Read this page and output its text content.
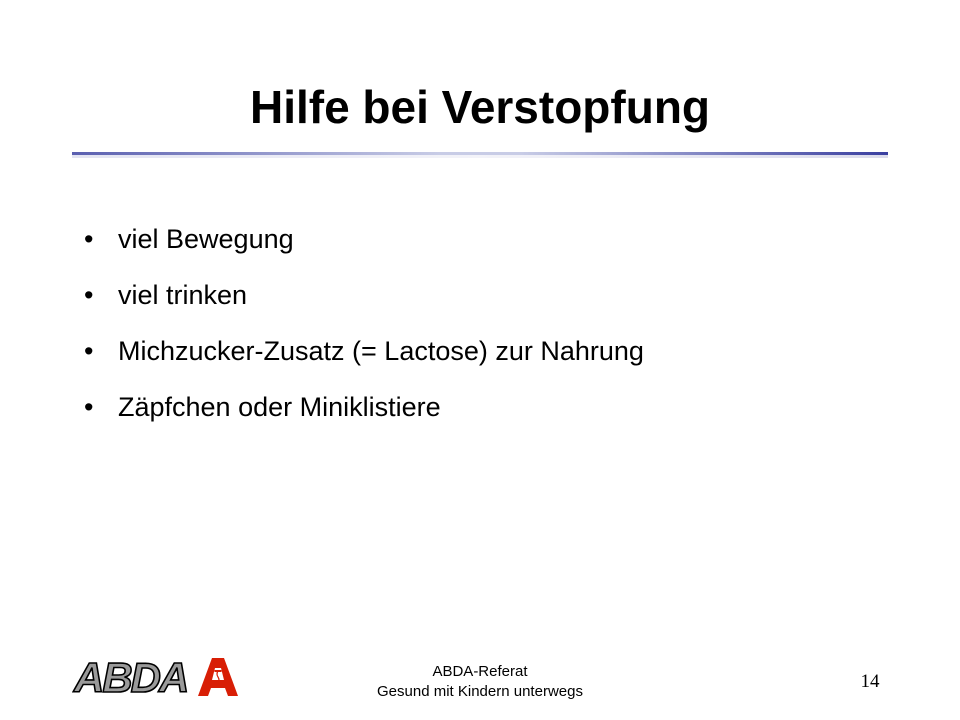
Hilfe bei Verstopfung
• viel Bewegung
• viel trinken
• Michzucker-Zusatz (= Lactose) zur Nahrung
• Zäpfchen oder Miniklistiere
ABDA	ABDA-Referat
Gesund mit Kindern unterwegs	14
